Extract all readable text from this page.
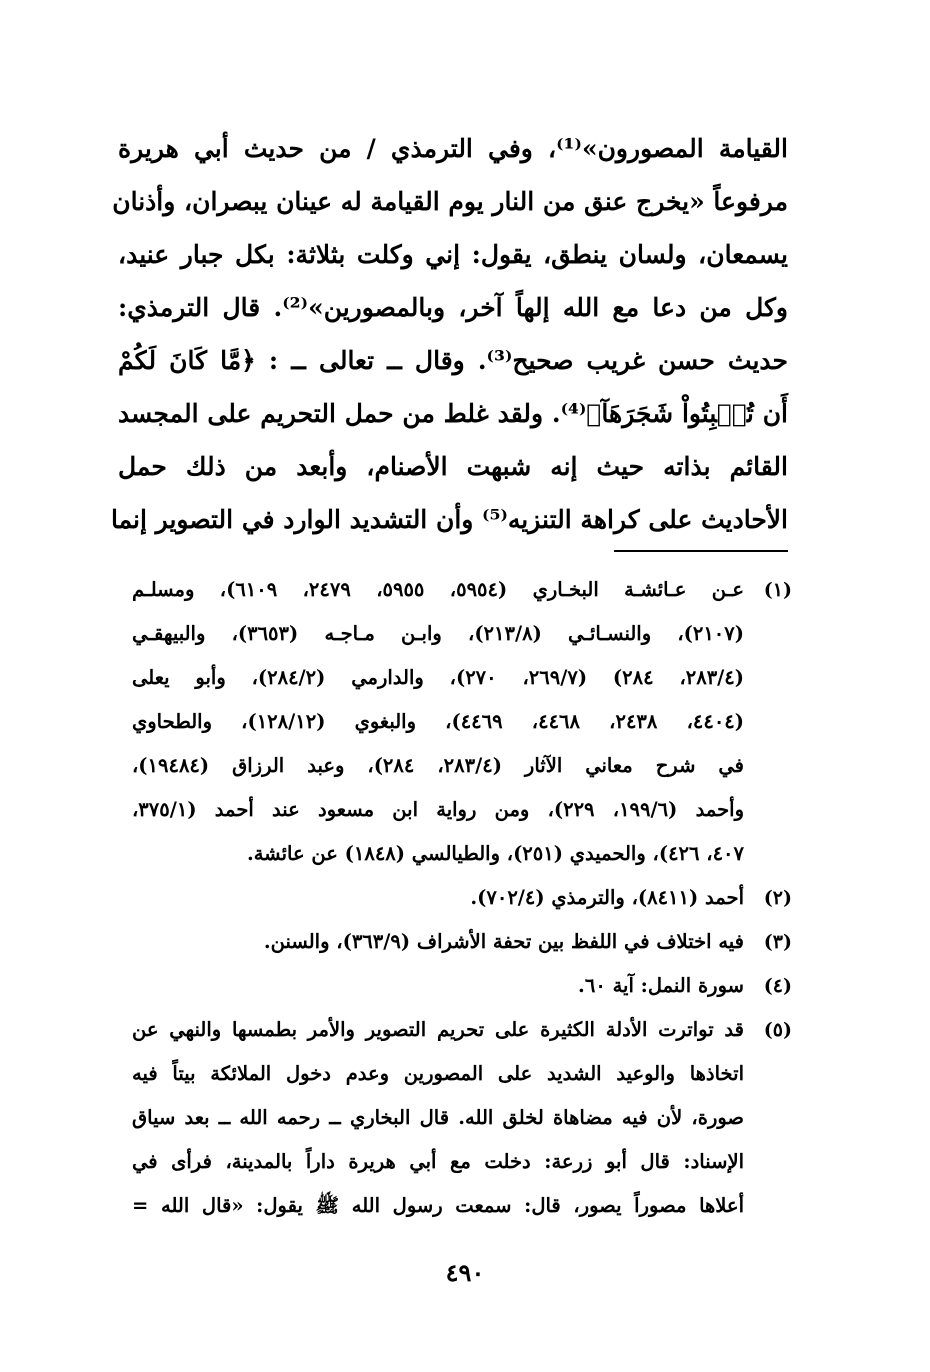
القيامة المصورون»⁽¹⁾، وفي الترمذي / من حديث أبي هريرة
مرفوعاً «يخرج عنق من النار يوم القيامة له عينان يبصران، وأذنان
يسمعان، ولسان ينطق، يقول: إني وكلت بثلاثة: بكل جبار عنيد،
وكل من دعا مع الله إلهاً آخر، وبالمصورين»⁽²⁾. قال الترمذي:
حديث حسن غريب صحيح⁽³⁾. وقال ــ تعالى ــ : ﴿مَّا كَانَ لَكُمْ
أَن تُنۢبِتُواْ شَجَرَهَآ﴾⁽⁴⁾. ولقد غلط من حمل التحريم على المجسد
القائم بذاته حيث إنه شبهت الأصنام، وأبعد من ذلك حمل
الأحاديث على كراهة التنزيه⁽⁵⁾ وأن التشديد الوارد في التصوير إنما
(١)
عـن عـائشـة البخـاري (٥٩٥٤، ٥٩٥٥، ٢٤٧٩، ٦١٠٩)، ومسلـم
(٢١٠٧)، والنسـائـي (٢١٣/٨)، وابـن مـاجـه (٣٦٥٣)، والبيهقـي
(٢٨٣/٤، ٢٨٤) (٢٦٩/٧، ٢٧٠)، والدارمي (٢٨٤/٢)، وأبو يعلى
(٤٤٠٤، ٢٤٣٨، ٤٤٦٨، ٤٤٦٩)، والبغوي (١٢٨/١٢)، والطحاوي
في شرح معاني الآثار (٢٨٣/٤، ٢٨٤)، وعبد الرزاق (١٩٤٨٤)،
وأحمد (١٩٩/٦، ٢٢٩)، ومن رواية ابن مسعود عند أحمد (٣٧٥/١،
٤٠٧، ٤٢٦)، والحميدي (٢٥١)، والطيالسي (١٨٤٨) عن عائشة.
(٢)
أحمد (٨٤١١)، والترمذي (٧٠٢/٤).
(٣)
فيه اختلاف في اللفظ بين تحفة الأشراف (٣٦٣/٩)، والسنن.
(٤)
سورة النمل: آية ٦٠.
(٥)
قد تواترت الأدلة الكثيرة على تحريم التصوير والأمر بطمسها والنهي عن
اتخاذها والوعيد الشديد على المصورين وعدم دخول الملائكة بيتاً فيه
صورة، لأن فيه مضاهاة لخلق الله. قال البخاري ــ رحمه الله ــ بعد سياق
الإسناد: قال أبو زرعة: دخلت مع أبي هريرة داراً بالمدينة، فرأى في
أعلاها مصوراً يصور، قال: سمعت رسول الله ﷺ يقول: «قال الله =
٤٩٠
